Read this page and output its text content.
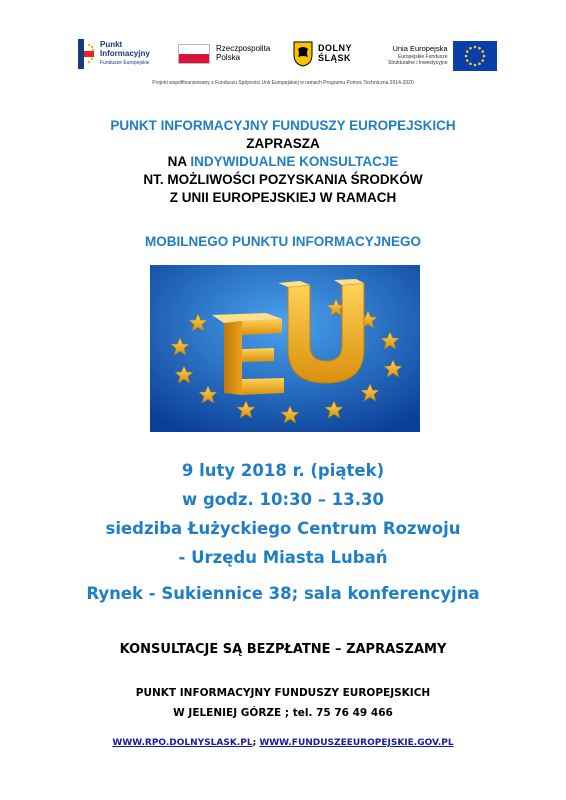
Punkt
Informacyjny
Fundusze Europejskie
Rzeczpospolita
Polska
DOLNY
ŚLĄSK
Unia Europejska
Europejskie Fundusze
Strukturalne i Inwestycyjne
Projekt współfinansowany z Funduszu Spójności Unii Europejskiej w ramach Programu Pomoc Techniczna 2014-2020
PUNKT INFORMACYJNY FUNDUSZY EUROPEJSKICH
ZAPRASZA
NA INDYWIDUALNE KONSULTACJE
NT. MOŻLIWOŚCI POZYSKANIA ŚRODKÓW
Z UNII EUROPEJSKIEJ W RAMACH
MOBILNEGO PUNKTU INFORMACYJNEGO
9 luty 2018 r. (piątek)
w godz. 10:30 – 13.30
siedziba Łużyckiego Centrum Rozwoju
- Urzędu Miasta Lubań
Rynek - Sukiennice 38; sala konferencyjna
KONSULTACJE SĄ BEZPŁATNE – ZAPRASZAMY
PUNKT INFORMACYJNY FUNDUSZY EUROPEJSKICH
W JELENIEJ GÓRZE ; tel. 75 76 49 466
WWW.RPO.DOLNYSLASK.PL; WWW.FUNDUSZEEUROPEJSKIE.GOV.PL
